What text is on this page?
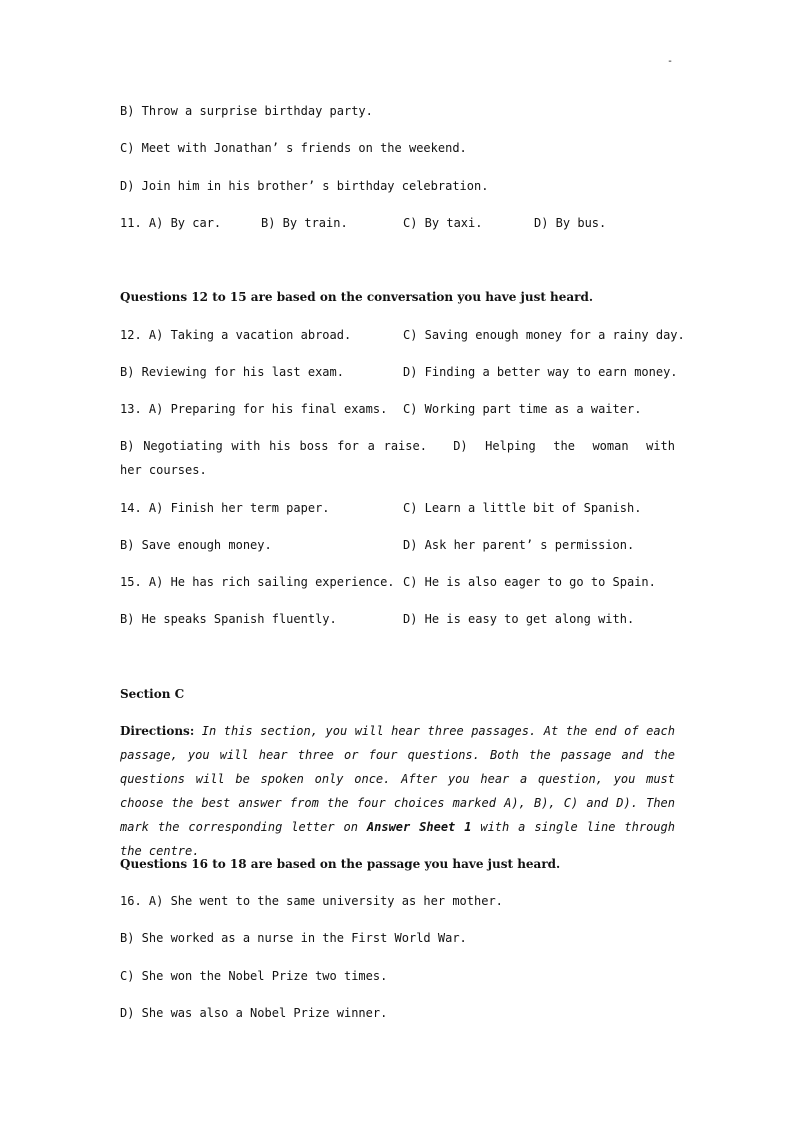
-
B) Throw a surprise birthday party.
C) Meet with Jonathan’ s friends on the weekend.
D) Join him in his brother’ s birthday celebration.
11. A) By car.	B) By train.	C) By taxi.	D) By bus.
Questions 12 to 15 are based on the conversation you have just heard.
12. A) Taking a vacation abroad.	C) Saving enough money for a rainy day.
B) Reviewing for his last exam.	D) Finding a better way to earn money.
13. A) Preparing for his final exams. C) Working part time as a waiter.
B) Negotiating with his boss for a raise.   D)  Helping  the  woman  with  her courses.
14. A) Finish her term paper.	C) Learn a little bit of Spanish.
B) Save enough money.	D) Ask her parent’ s permission.
15. A) He has rich sailing experience. C) He is also eager to go to Spain.
B) He speaks Spanish fluently.	D) He is easy to get along with.
Section C
Directions: In this section, you will hear three passages. At the end of each passage, you will hear three or four questions. Both the passage and the questions will be spoken only once. After you hear a question, you must choose the best answer from the four choices marked A), B), C) and D). Then mark the corresponding letter on Answer Sheet 1 with a single line through the centre.
Questions 16 to 18 are based on the passage you have just heard.
16. A) She went to the same university as her mother.
B) She worked as a nurse in the First World War.
C) She won the Nobel Prize two times.
D) She was also a Nobel Prize winner.
